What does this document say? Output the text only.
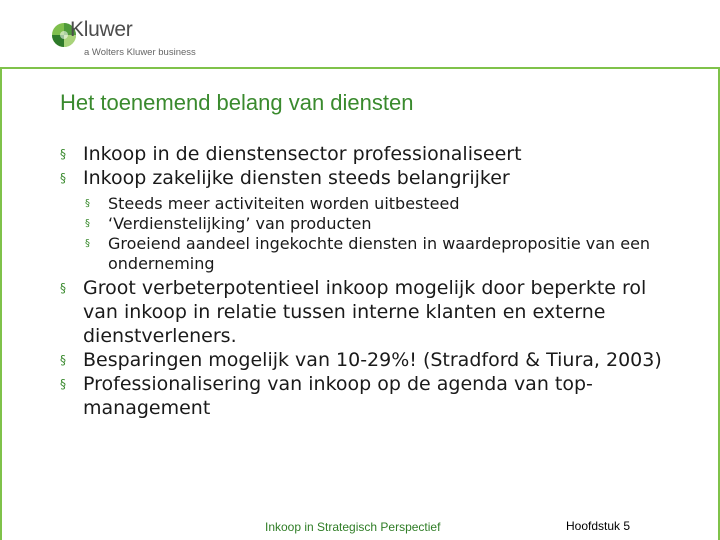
Kluwer
a Wolters Kluwer business
Het toenemend belang van diensten
§ Inkoop in de dienstensector professionaliseert
§ Inkoop zakelijke diensten steeds belangrijker
§ Steeds meer activiteiten worden uitbesteed
§ ‘Verdienstelijking’ van producten
§ Groeiend aandeel ingekochte diensten in waardepropositie van een onderneming
§ Groot verbeterpotentieel inkoop mogelijk door beperkte rol van inkoop in relatie tussen interne klanten en externe dienstverleners.
§ Besparingen mogelijk van 10-29%! (Stradford & Tiura, 2003)
§ Professionalisering van inkoop op de agenda van top-management
Inkoop in Strategisch Perspectief	Hoofdstuk 5
